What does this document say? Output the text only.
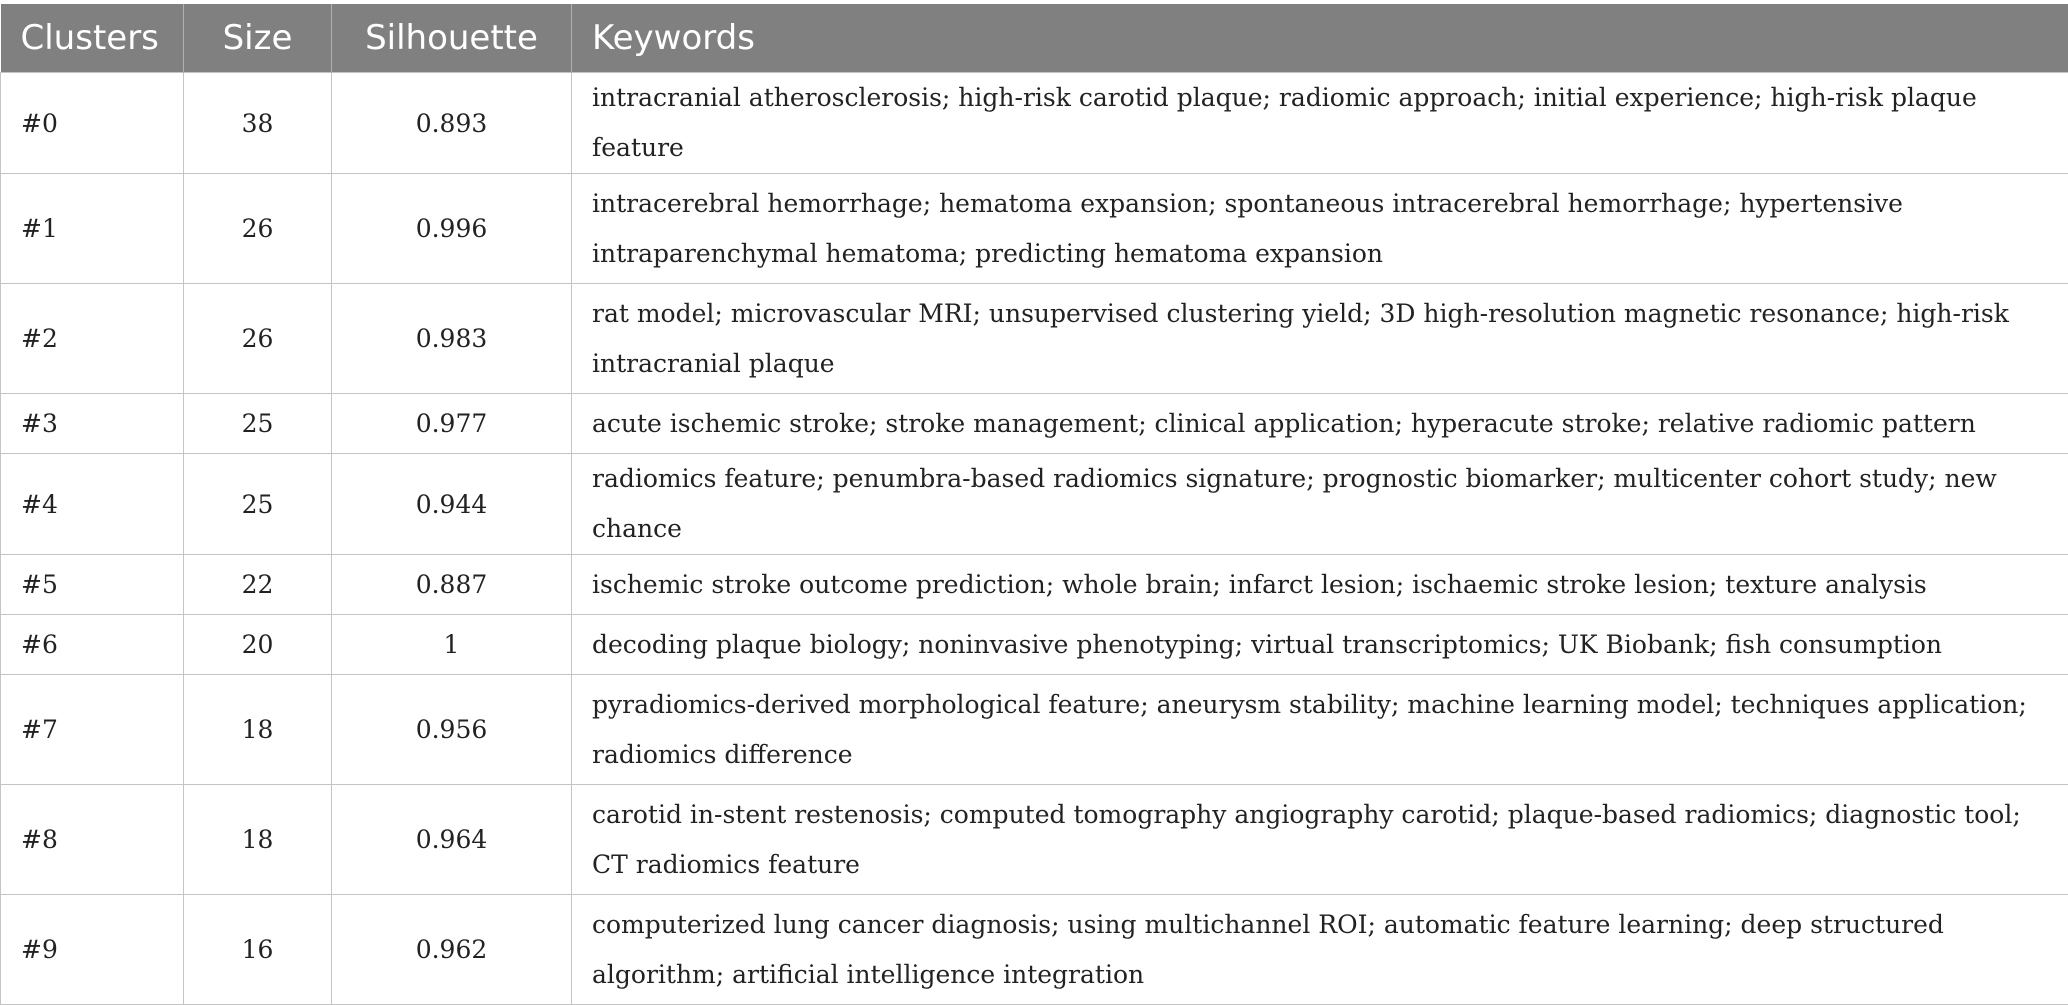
Clusters	Size	Silhouette	Keywords
#0	38	0.893	intracranial atherosclerosis; high-risk carotid plaque; radiomic approach; initial experience; high-risk plaque feature
#1	26	0.996	intracerebral hemorrhage; hematoma expansion; spontaneous intracerebral hemorrhage; hypertensive intraparenchymal hematoma; predicting hematoma expansion
#2	26	0.983	rat model; microvascular MRI; unsupervised clustering yield; 3D high-resolution magnetic resonance; high-risk intracranial plaque
#3	25	0.977	acute ischemic stroke; stroke management; clinical application; hyperacute stroke; relative radiomic pattern
#4	25	0.944	radiomics feature; penumbra-based radiomics signature; prognostic biomarker; multicenter cohort study; new chance
#5	22	0.887	ischemic stroke outcome prediction; whole brain; infarct lesion; ischaemic stroke lesion; texture analysis
#6	20	1	decoding plaque biology; noninvasive phenotyping; virtual transcriptomics; UK Biobank; fish consumption
#7	18	0.956	pyradiomics-derived morphological feature; aneurysm stability; machine learning model; techniques application; radiomics difference
#8	18	0.964	carotid in-stent restenosis; computed tomography angiography carotid; plaque-based radiomics; diagnostic tool; CT radiomics feature
#9	16	0.962	computerized lung cancer diagnosis; using multichannel ROI; automatic feature learning; deep structured algorithm; artificial intelligence integration
